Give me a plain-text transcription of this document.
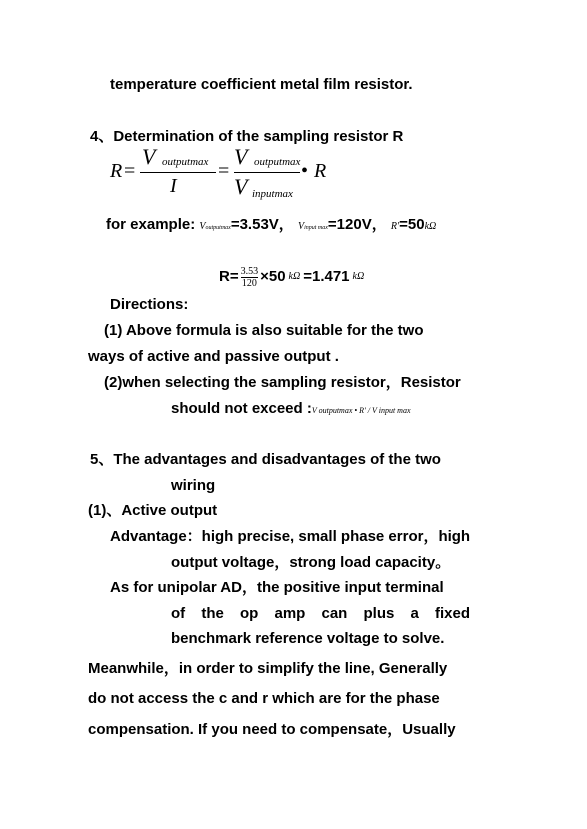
temperature coefficient metal film resistor.
4、Determination of the sampling resistor R
R =
V outputmax
I
=
V outputmax
V inputmax
• R
for example: Voutputmax=3.53V， Vinput max=120V， R'=50kΩ
$R= \frac{3.53}{120} \times 50$ kΩ =1.471 kΩ
Directions:
(1) Above formula is also suitable for the two
ways of active and passive output .
(2)when selecting the sampling resistor，Resistor
should not exceed :V outputmax • R' / V input max
5、The advantages and disadvantages of the two
wiring
(1)、Active output
Advantage：high precise, small phase error，high
output voltage，strong load capacity。
As for unipolar AD，the positive input terminal
of the op amp can plus a fixed
benchmark reference voltage to solve.
Meanwhile，in order to simplify the line, Generally
do not access the c and r which are for the phase
compensation. If you need to compensate，Usually
